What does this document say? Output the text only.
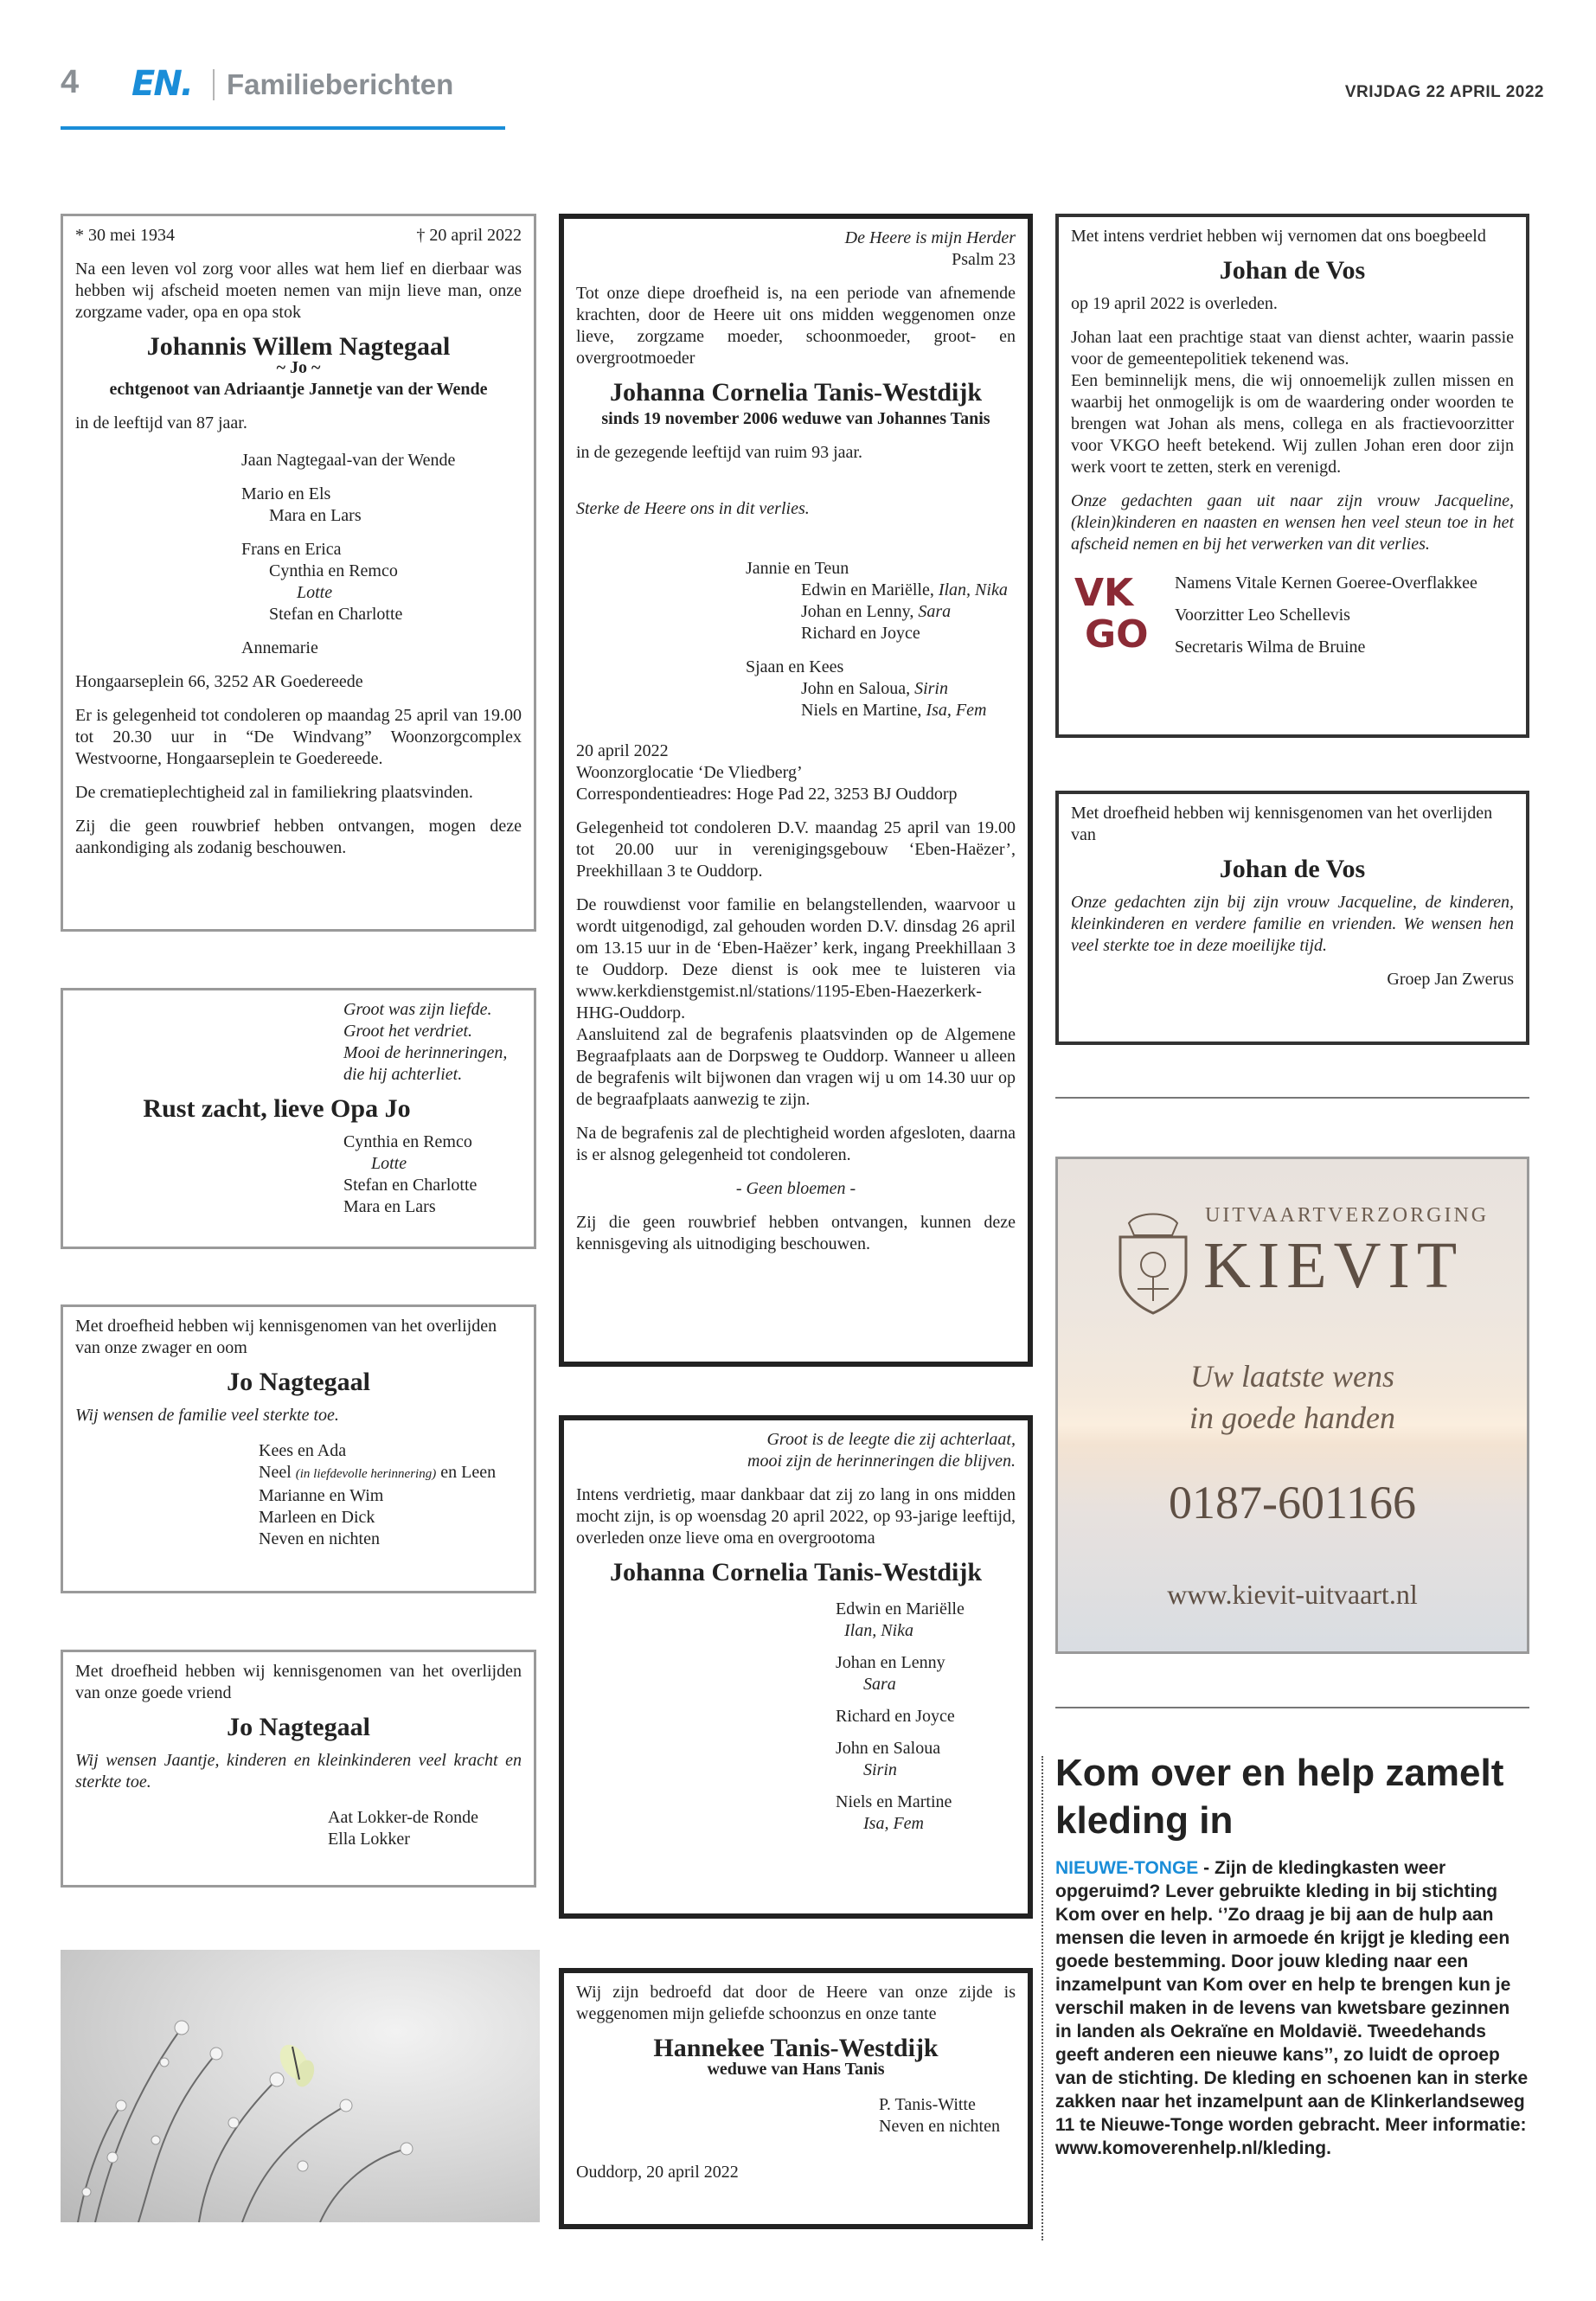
4 EN. Familieberichten	VRIJDAG 22 APRIL 2022

* 30 mei 1934	† 20 april 2022

Na een leven vol zorg voor alles wat hem lief en dierbaar was hebben wij afscheid moeten nemen van mijn lieve man, onze zorgzame vader, opa en opa stok

Johannis Willem Nagtegaal

~ Jo ~

echtgenoot van Adriaantje Jannetje van der Wende

in de leeftijd van 87 jaar.

Jaan Nagtegaal-van der Wende

Mario en Els

Mara en Lars

Frans en Erica

Cynthia en Remco

Lotte

Stefan en Charlotte

Annemarie

Hongaarseplein 66, 3252 AR Goedereede

Er is gelegenheid tot condoleren op maandag 25 april van 19.00 tot 20.30 uur in “De Windvang” Woonzorgcomplex Westvoorne, Hongaarseplein te Goedereede.

De crematieplechtigheid zal in familiekring plaatsvinden.

Zij die geen rouwbrief hebben ontvangen, mogen deze aankondiging als zodanig beschouwen.

Groot was zijn liefde.

Groot het verdriet.

Mooi de herinneringen,

die hij achterliet.

Rust zacht, lieve Opa Jo

Cynthia en Remco

Lotte

Stefan en Charlotte

Mara en Lars

Met droefheid hebben wij kennisgenomen van het overlijden van onze zwager en oom

Jo Nagtegaal

Wij wensen de familie veel sterkte toe.

Kees en Ada

Neel (in liefdevolle herinnering) en Leen

Marianne en Wim

Marleen en Dick

Neven en nichten

Met droefheid hebben wij kennisgenomen van het overlijden van onze goede vriend

Jo Nagtegaal

Wij wensen Jaantje, kinderen en kleinkinderen veel kracht en sterkte toe.

Aat Lokker-de Ronde

Ella Lokker

De Heere is mijn Herder

Psalm 23

Tot onze diepe droefheid is, na een periode van afnemende krachten, door de Heere uit ons midden weggenomen onze lieve, zorgzame moeder, schoonmoeder, groot- en overgrootmoeder

Johanna Cornelia Tanis-Westdijk

sinds 19 november 2006 weduwe van Johannes Tanis

in de gezegende leeftijd van ruim 93 jaar.

Sterke de Heere ons in dit verlies.

Jannie en Teun

Edwin en Mariëlle, Ilan, Nika

Johan en Lenny, Sara

Richard en Joyce

Sjaan en Kees

John en Saloua, Sirin

Niels en Martine, Isa, Fem

20 april 2022

Woonzorglocatie ‘De Vliedberg’

Correspondentieadres: Hoge Pad 22, 3253 BJ Ouddorp

Gelegenheid tot condoleren D.V. maandag 25 april van 19.00 tot 20.00 uur in verenigingsgebouw ‘Eben-Haëzer’, Preekhillaan 3 te Ouddorp.

De rouwdienst voor familie en belangstellenden, waarvoor u wordt uitgenodigd, zal gehouden worden D.V. dinsdag 26 april om 13.15 uur in de ‘Eben-Haëzer’ kerk, ingang Preekhillaan 3 te Ouddorp. Deze dienst is ook mee te luisteren via www.kerkdienstgemist.nl/stations/1195-Eben-Haezerkerk-HHG-Ouddorp.

Aansluitend zal de begrafenis plaatsvinden op de Algemene Begraafplaats aan de Dorpsweg te Ouddorp. Wanneer u alleen de begrafenis wilt bijwonen dan vragen wij u om 14.30 uur op de begraafplaats aanwezig te zijn.

Na de begrafenis zal de plechtigheid worden afgesloten, daarna is er alsnog gelegenheid tot condoleren.

- Geen bloemen -

Zij die geen rouwbrief hebben ontvangen, kunnen deze kennisgeving als uitnodiging beschouwen.

Groot is de leegte die zij achterlaat,

mooi zijn de herinneringen die blijven.

Intens verdrietig, maar dankbaar dat zij zo lang in ons midden mocht zijn, is op woensdag 20 april 2022, op 93-jarige leeftijd, overleden onze lieve oma en overgrootoma

Johanna Cornelia Tanis-Westdijk

Edwin en Mariëlle

Ilan, Nika

Johan en Lenny

Sara

Richard en Joyce

John en Saloua

Sirin

Niels en Martine

Isa, Fem

Wij zijn bedroefd dat door de Heere van onze zijde is weggenomen mijn geliefde schoonzus en onze tante

Hannekee Tanis-Westdijk

weduwe van Hans Tanis

P. Tanis-Witte

Neven en nichten

Ouddorp, 20 april 2022

Met intens verdriet hebben wij vernomen dat ons boegbeeld

Johan de Vos

op 19 april 2022 is overleden.

Johan laat een prachtige staat van dienst achter, waarin passie voor de gemeentepolitiek tekenend was.

Een beminnelijk mens, die wij onnoemelijk zullen missen en waarbij het onmogelijk is om de waardering onder woorden te brengen wat Johan als mens, collega en als fractievoorzitter voor VKGO heeft betekend. Wij zullen Johan eren door zijn werk voort te zetten, sterk en verenigd.

Onze gedachten gaan uit naar zijn vrouw Jacqueline, (klein)kinderen en naasten en wensen hen veel steun toe in het afscheid nemen en bij het verwerken van dit verlies.

VK
GO

Namens Vitale Kernen Goeree-Overflakkee

Voorzitter Leo Schellevis

Secretaris Wilma de Bruine

Met droefheid hebben wij kennisgenomen van het overlijden van

Johan de Vos

Onze gedachten zijn bij zijn vrouw Jacqueline, de kinderen, kleinkinderen en verdere familie en vrienden. We wensen hen veel sterkte toe in deze moeilijke tijd.

Groep Jan Zwerus

UITVAARTVERZORGING
KIEVIT
Uw laatste wens
in goede handen
0187-601166
www.kievit-uitvaart.nl
Kom over en help zamelt kleding in
NIEUWE-TONGE - Zijn de kledingkasten weer opgeruimd? Lever gebruikte kleding in bij stichting Kom over en help. ‘’Zo draag je bij aan de hulp aan mensen die leven in armoede én krijgt je kleding een goede bestemming. Door jouw kleding naar een inzamelpunt van Kom over en help te brengen kun je verschil maken in de levens van kwetsbare gezinnen in landen als Oekraïne en Moldavië. Tweedehands geeft anderen een nieuwe kans’’, zo luidt de oproep van de stichting. De kleding en schoenen kan in sterke zakken naar het inzamelpunt aan de Klinkerlandseweg 11 te Nieuwe-Tonge worden gebracht. Meer informatie: www.komoverenhelp.nl/kleding.
